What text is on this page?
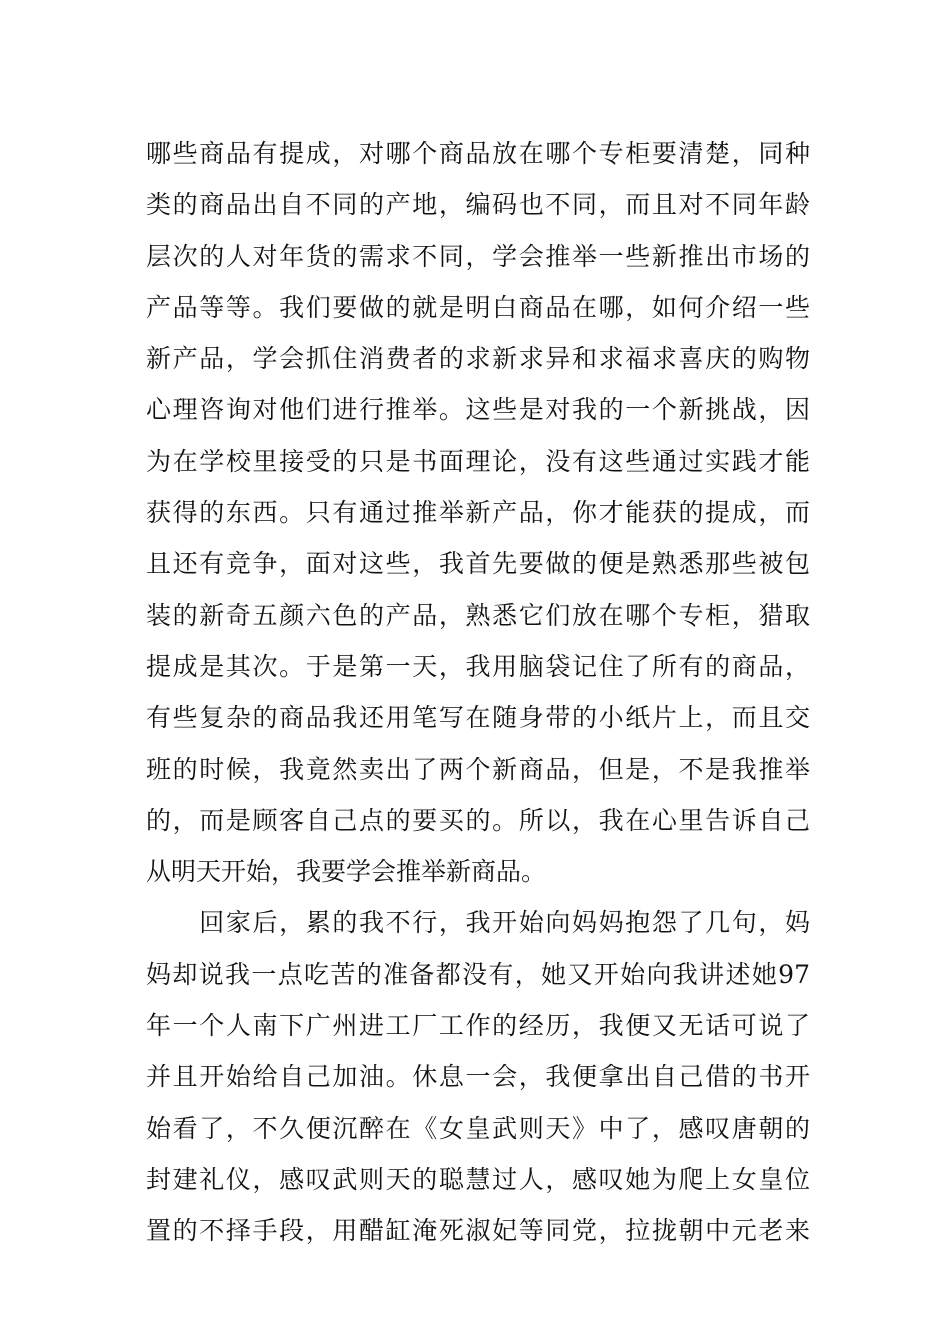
哪些商品有提成，对哪个商品放在哪个专柜要清楚，同种
类的商品出自不同的产地，编码也不同，而且对不同年龄
层次的人对年货的需求不同，学会推举一些新推出市场的
产品等等。我们要做的就是明白商品在哪，如何介绍一些
新产品，学会抓住消费者的求新求异和求福求喜庆的购物
心理咨询对他们进行推举。这些是对我的一个新挑战，因
为在学校里接受的只是书面理论，没有这些通过实践才能
获得的东西。只有通过推举新产品，你才能获的提成，而
且还有竞争，面对这些，我首先要做的便是熟悉那些被包
装的新奇五颜六色的产品，熟悉它们放在哪个专柜，猎取
提成是其次。于是第一天，我用脑袋记住了所有的商品，
有些复杂的商品我还用笔写在随身带的小纸片上，而且交
班的时候，我竟然卖出了两个新商品，但是，不是我推举
的，而是顾客自己点的要买的。所以，我在心里告诉自己
从明天开始，我要学会推举新商品。

　　回家后，累的我不行，我开始向妈妈抱怨了几句，妈
妈却说我一点吃苦的准备都没有，她又开始向我讲述她97
年一个人南下广州进工厂工作的经历，我便又无话可说了
并且开始给自己加油。休息一会，我便拿出自己借的书开
始看了，不久便沉醉在《女皇武则天》中了，感叹唐朝的
封建礼仪，感叹武则天的聪慧过人，感叹她为爬上女皇位
置的不择手段，用醋缸淹死淑妃等同党，拉拢朝中元老来
